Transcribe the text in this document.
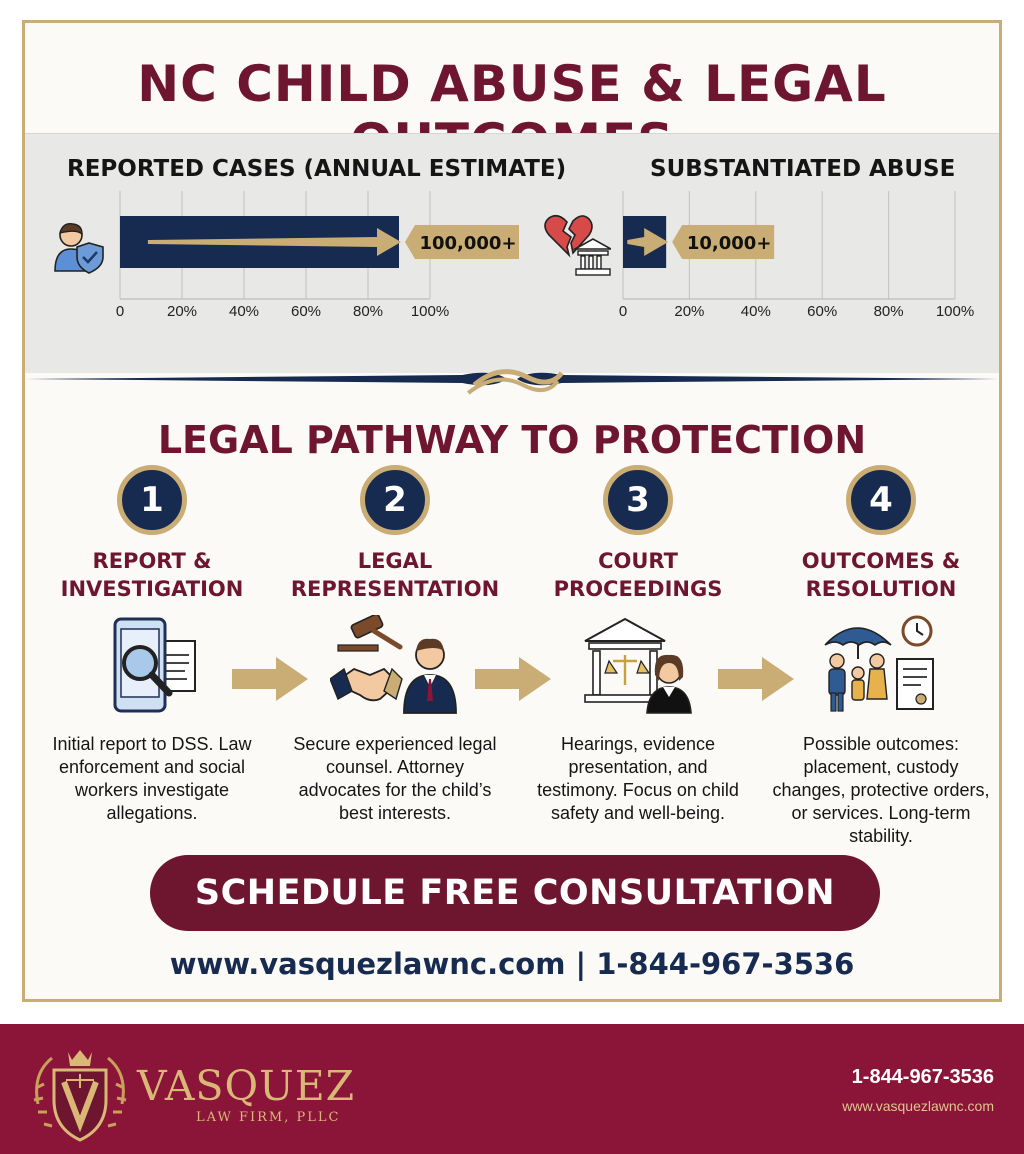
NC CHILD ABUSE & LEGAL
REPORTED CASES (ANNUAL ESTIMATE)
0	20% 40% 60% 80% 100%
100,000+
SUBSTANTIATED ABUSE
0	20% 40% 60% 80% 100%
10,000+
LEGAL PATHWAY TO PROTECTION
1
REPORT &
INVESTIGATION
Initial report to DSS. Law enforcement and social workers investigate allegations.
2
LEGAL
REPRESENTATION
Secure experienced legal counsel. Attorney advocates for the child’s best interests.
3
COURT
PROCEEDINGS
Hearings, evidence presentation, and testimony. Focus on child safety and well-being.
4
OUTCOMES &
RESOLUTION
Possible outcomes: placement, custody changes, protective orders, or services. Long-term stability.
SCHEDULE FREE CONSULTATION
www.vasquezlawnc.com | 1-844-967-3536
VASQUEZ
LAW FIRM, PLLC
1-844-967-3536
www.vasquezlawnc.com
